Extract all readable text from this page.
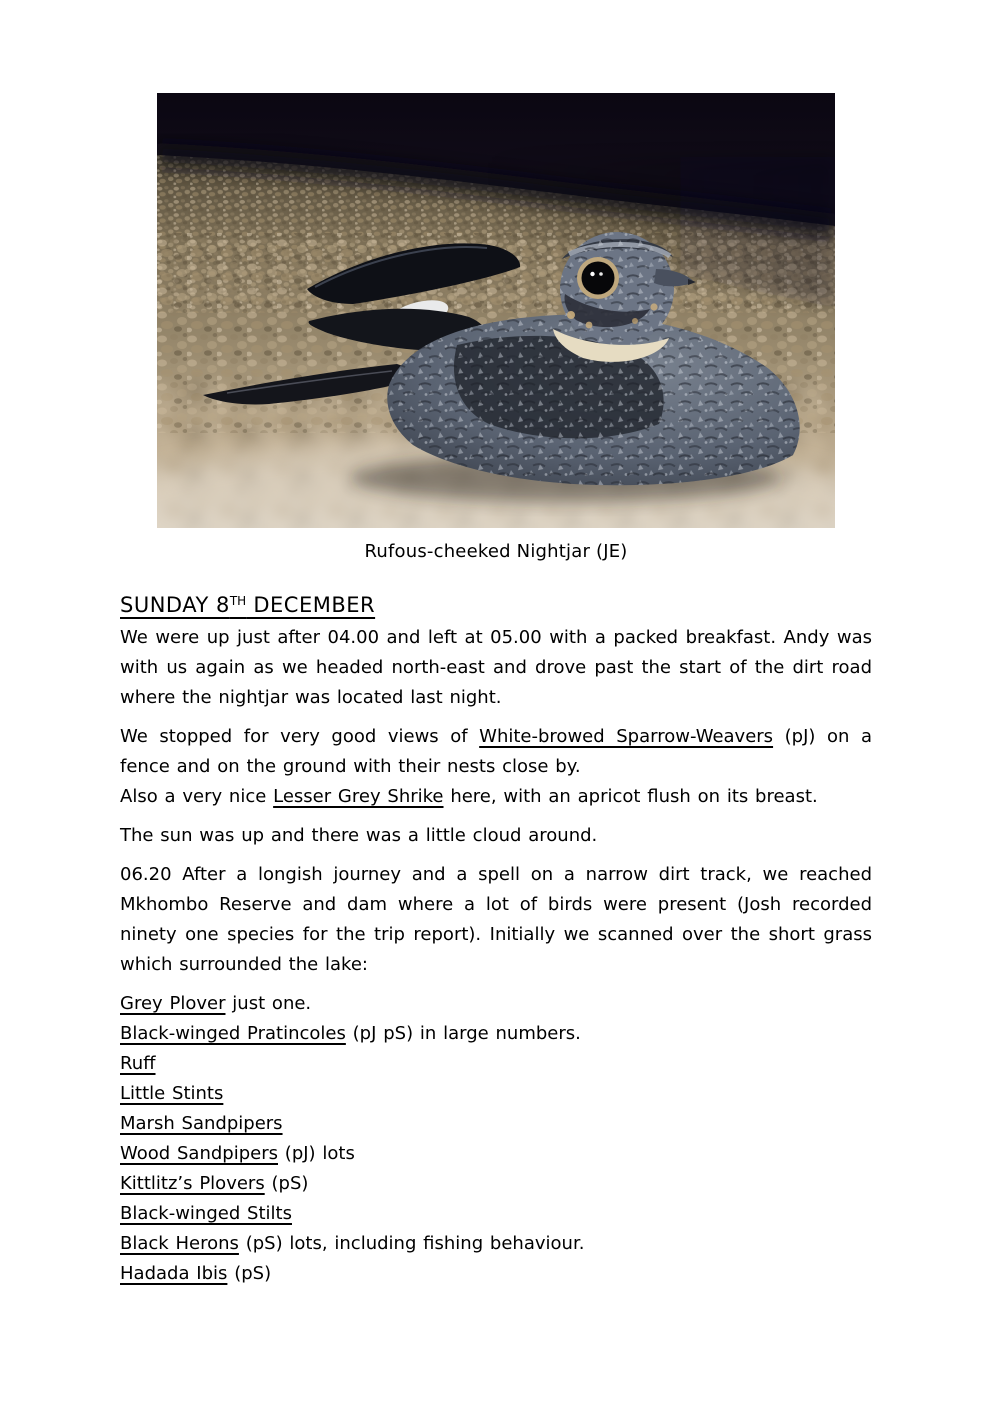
Rufous-cheeked Nightjar (JE)
SUNDAY 8TH DECEMBER

We were up just after 04.00 and left at 05.00 with a packed breakfast. Andy was with us again as we headed north-east and drove past the start of the dirt road where the nightjar was located last night.

We stopped for very good views of White-browed Sparrow-Weavers (pJ) on a fence and on the ground with their nests close by.

Also a very nice Lesser Grey Shrike here, with an apricot flush on its breast.

The sun was up and there was a little cloud around.

06.20 After a longish journey and a spell on a narrow dirt track, we reached Mkhombo Reserve and dam where a lot of birds were present (Josh recorded ninety one species for the trip report). Initially we scanned over the short grass which surrounded the lake:

Grey Plover just one.

Black-winged Pratincoles (pJ pS) in large numbers.

Ruff

Little Stints

Marsh Sandpipers

Wood Sandpipers (pJ) lots

Kittlitz’s Plovers (pS)

Black-winged Stilts

Black Herons (pS) lots, including fishing behaviour.

Hadada Ibis (pS)
